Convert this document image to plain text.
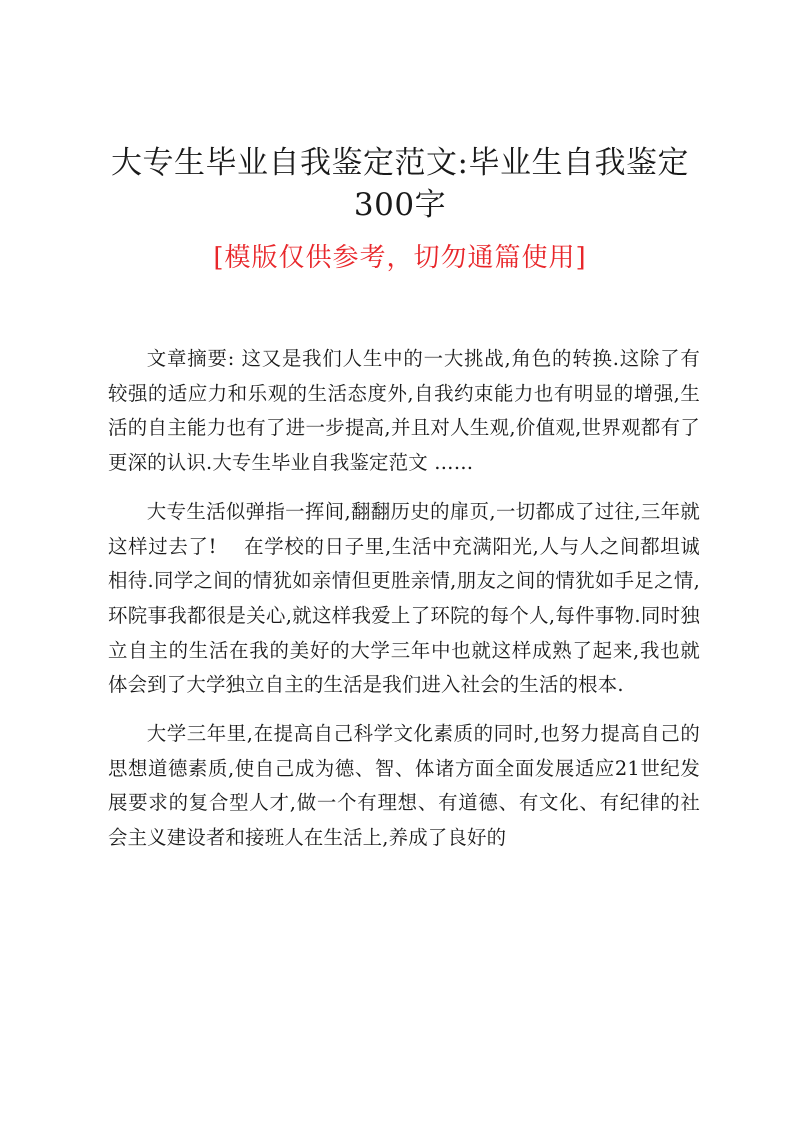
大专生毕业自我鉴定范文:毕业生自我鉴定300字
[模版仅供参考，切勿通篇使用]

文章摘要: 这又是我们人生中的一大挑战,角色的转换.这除了有较强的适应力和乐观的生活态度外,自我约束能力也有明显的增强,生活的自主能力也有了进一步提高,并且对人生观,价值观,世界观都有了更深的认识.大专生毕业自我鉴定范文 ……

大专生活似弹指一挥间,翻翻历史的扉页,一切都成了过往,三年就这样过去了!　 在学校的日子里,生活中充满阳光,人与人之间都坦诚相待.同学之间的情犹如亲情但更胜亲情,朋友之间的情犹如手足之情,环院事我都很是关心,就这样我爱上了环院的每个人,每件事物.同时独立自主的生活在我的美好的大学三年中也就这样成熟了起来,我也就体会到了大学独立自主的生活是我们进入社会的生活的根本.

大学三年里,在提高自己科学文化素质的同时,也努力提高自己的思想道德素质,使自己成为德、智、体诸方面全面发展适应21世纪发展要求的复合型人才,做一个有理想、有道德、有文化、有纪律的社会主义建设者和接班人在生活上,养成了良好的
